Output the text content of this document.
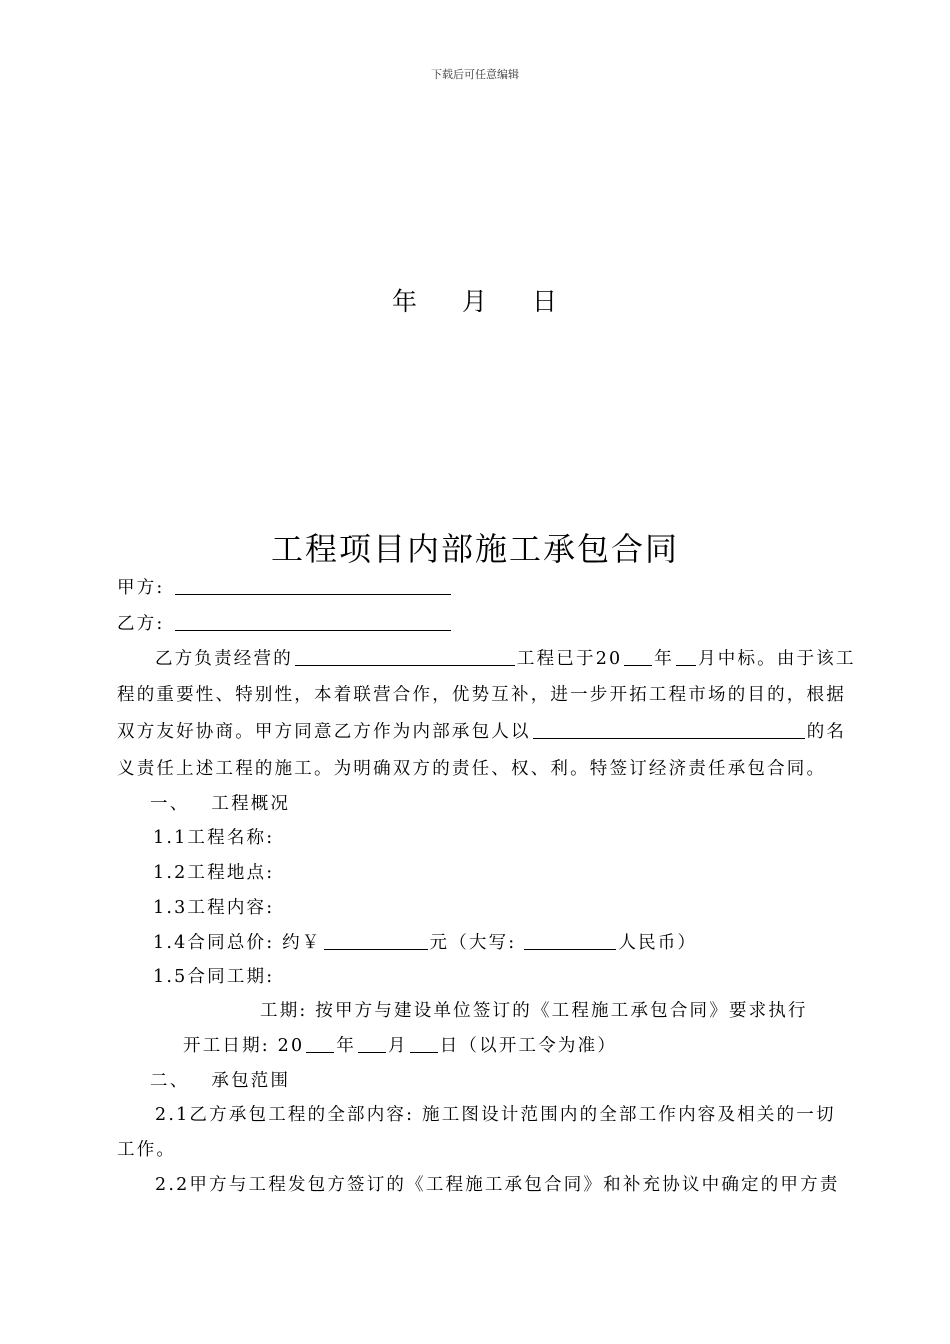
下载后可任意编辑
年 月 日
工程项目内部施工承包合同
甲方:
乙方:
乙方负责经营的	工程已于20 年 月中标。由于该工
程的重要性、特别性，本着联营合作，优势互补，进一步开拓工程市场的目的，根据
双方友好协商。甲方同意乙方作为内部承包人以	的名
义责任上述工程的施工。为明确双方的责任、权、利。特签订经济责任承包合同。
一、 工程概况
1.1工程名称:
1.2工程地点:
1.3工程内容:
1.4合同总价: 约￥	元（大写:	人民币）
1.5合同工期:
工期: 按甲方与建设单位签订的《工程施工承包合同》要求执行
开工日期: 20 年 月 日（以开工令为准）
二、 承包范围
2.1乙方承包工程的全部内容: 施工图设计范围内的全部工作内容及相关的一切
工作。
2.2甲方与工程发包方签订的《工程施工承包合同》和补充协议中确定的甲方责
